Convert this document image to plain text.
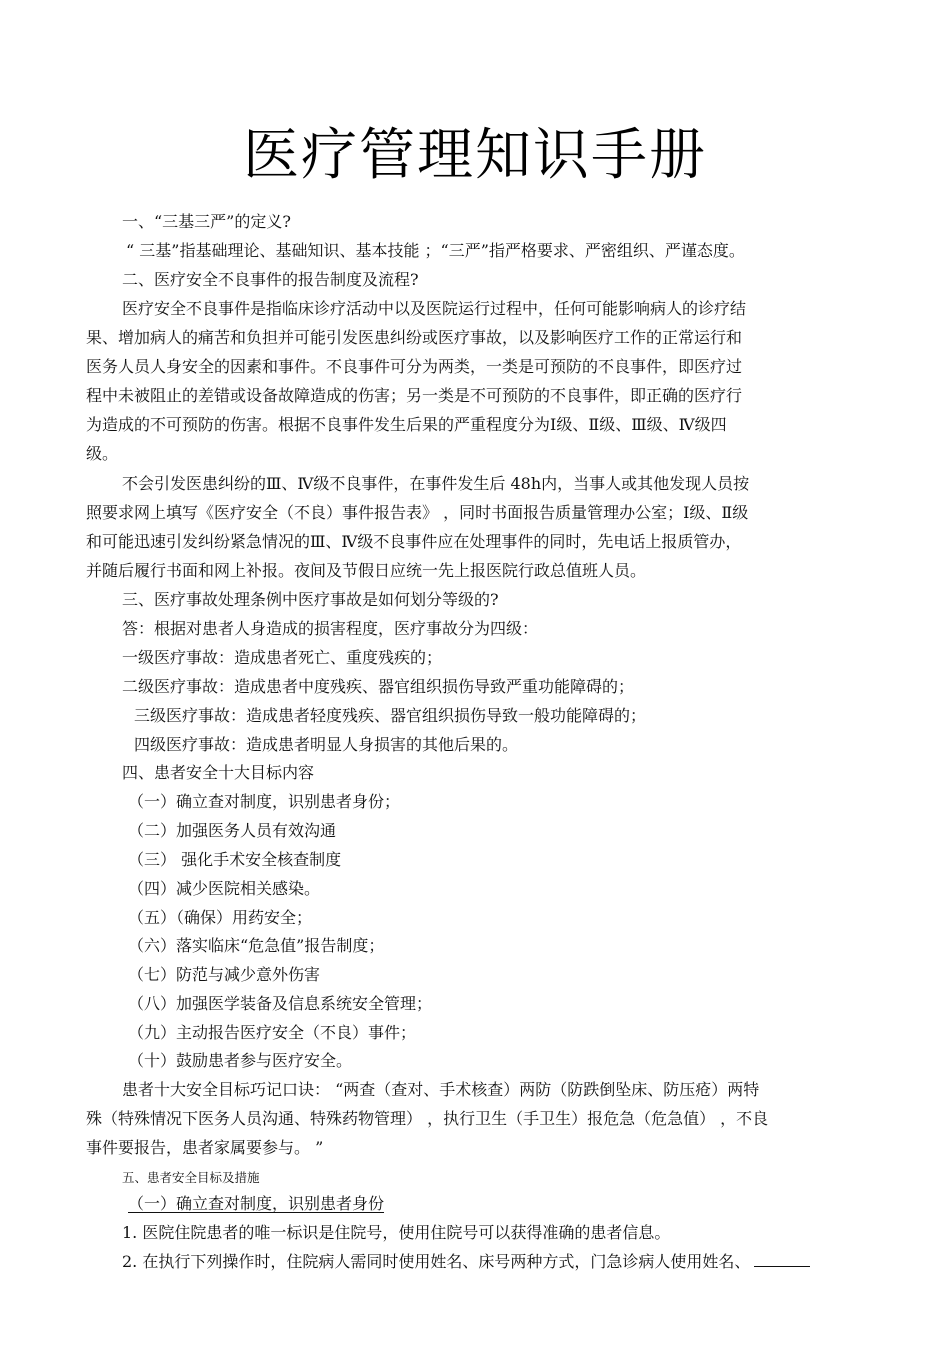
医疗管理知识手册
一、“三基三严”的定义?
“ 三基”指基础理论、基础知识、基本技能 ；“三严”指严格要求、严密组织、严谨态度。
二、医疗安全不良事件的报告制度及流程?
医疗安全不良事件是指临床诊疗活动中以及医院运行过程中，任何可能影响病人的诊疗结
果、增加病人的痛苦和负担并可能引发医患纠纷或医疗事故，以及影响医疗工作的正常运行和
医务人员人身安全的因素和事件。不良事件可分为两类，一类是可预防的不良事件，即医疗过
程中未被阻止的差错或设备故障造成的伤害；另一类是不可预防的不良事件，即正确的医疗行
为造成的不可预防的伤害。根据不良事件发生后果的严重程度分为Ⅰ级、Ⅱ级、Ⅲ级、Ⅳ级四
级。
不会引发医患纠纷的Ⅲ、Ⅳ级不良事件，在事件发生后 48h内，当事人或其他发现人员按
照要求网上填写《医疗安全（不良）事件报告表》 ，同时书面报告质量管理办公室；Ⅰ级、Ⅱ级
和可能迅速引发纠纷紧急情况的Ⅲ、Ⅳ级不良事件应在处理事件的同时，先电话上报质管办，
并随后履行书面和网上补报。夜间及节假日应统一先上报医院行政总值班人员。
三、医疗事故处理条例中医疗事故是如何划分等级的?
答：根据对患者人身造成的损害程度，医疗事故分为四级：
一级医疗事故：造成患者死亡、重度残疾的；
二级医疗事故：造成患者中度残疾、器官组织损伤导致严重功能障碍的；
三级医疗事故：造成患者轻度残疾、器官组织损伤导致一般功能障碍的；
四级医疗事故：造成患者明显人身损害的其他后果的。
四、患者安全十大目标内容
（一）确立查对制度，识别患者身份；
（二）加强医务人员有效沟通
（三） 强化手术安全核查制度
（四）减少医院相关感染。
（五）（确保）用药安全；
（六）落实临床“危急值”报告制度；
（七）防范与减少意外伤害
（八）加强医学装备及信息系统安全管理；
（九）主动报告医疗安全（不良）事件；
（十）鼓励患者参与医疗安全。
患者十大安全目标巧记口诀： “两查（查对、手术核查）两防（防跌倒坠床、防压疮）两特
殊（特殊情况下医务人员沟通、特殊药物管理） ，执行卫生（手卫生）报危急（危急值） ，不良
事件要报告，患者家属要参与。 ”
五、患者安全目标及措施
（一）确立查对制度，识别患者身份
1. 医院住院患者的唯一标识是住院号，使用住院号可以获得准确的患者信息。
2. 在执行下列操作时，住院病人需同时使用姓名、床号两种方式，门急诊病人使用姓名、
